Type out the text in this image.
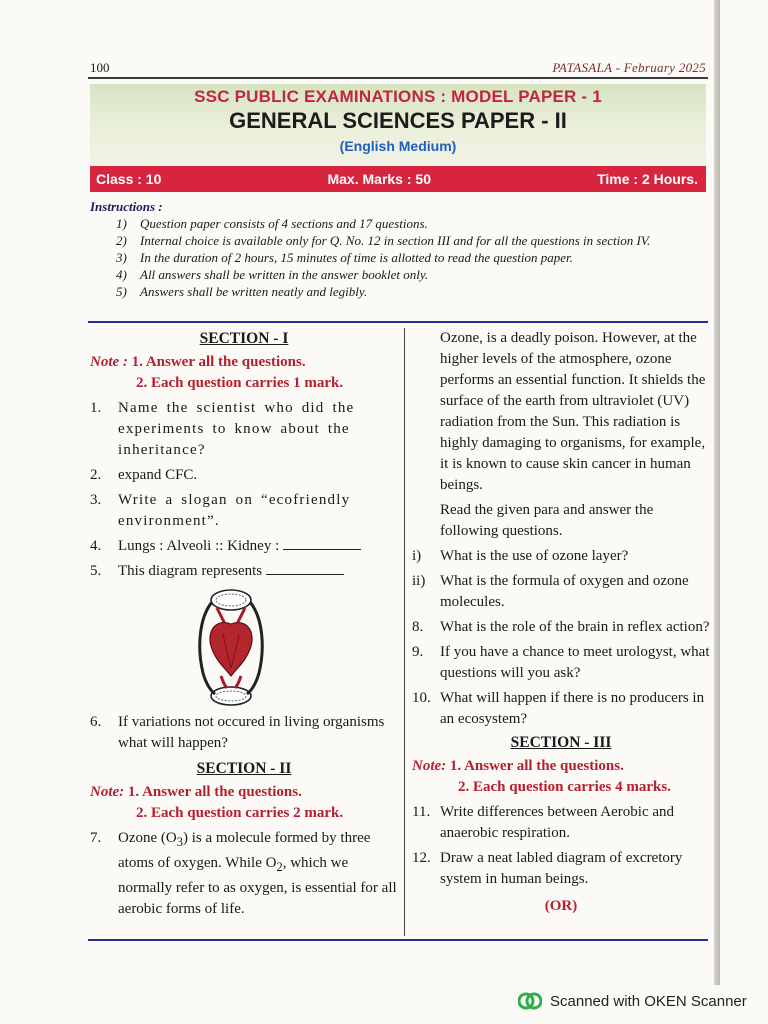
100	PATASALA - February 2025
SSC PUBLIC EXAMINATIONS : MODEL PAPER - 1
GENERAL SCIENCES PAPER - II
(English Medium)
Class : 10	Max. Marks : 50	Time : 2 Hours.
Instructions :
1)	Question paper consists of 4 sections and 17 questions.
2)	Internal choice is available only for Q. No. 12 in section III and for all the questions in section IV.
3)	In the duration of 2 hours, 15 minutes of time is allotted to read the question paper.
4)	All answers shall be written in the answer booklet only.
5)	Answers shall be written neatly and legibly.
SECTION - I
Note : 1. Answer all the questions.
2. Each question carries 1 mark.
1.	Name the scientist who did the experiments to know about the inheritance?
2.	expand CFC.
3.	Write a slogan on “ecofriendly environment”.
4.	Lungs : Alveoli :: Kidney :
5.	This diagram represents
6.	If variations not occured in living organisms what will happen?
SECTION - II
Note: 1. Answer all the questions.
2. Each question carries 2 mark.
7.	Ozone $(O_3)$ is a molecule formed by three atoms of oxygen. While $O_2$, which we normally refer to as oxygen, is essential for all aerobic forms of life.

Ozone, is a deadly poison. However, at the higher levels of the atmosphere, ozone performs an essential function. It shields the surface of the earth from ultraviolet (UV) radiation from the Sun. This radiation is highly damaging to organisms, for example, it is known to cause skin cancer in human beings.

Read the given para and answer the following questions.

i)	What is the use of ozone layer?
ii) What is the formula of oxygen and ozone molecules.
8.	What is the role of the brain in reflex action?
9.	If you have a chance to meet urologyst, what questions will you ask?
10. What will happen if there is no producers in an ecosystem?
SECTION - III
Note: 1. Answer all the questions.
2. Each question carries 4 marks.
11. Write differences between Aerobic and anaerobic respiration.
12. Draw a neat labled diagram of excretory system in human beings.
(OR)
Scanned with OKEN Scanner
